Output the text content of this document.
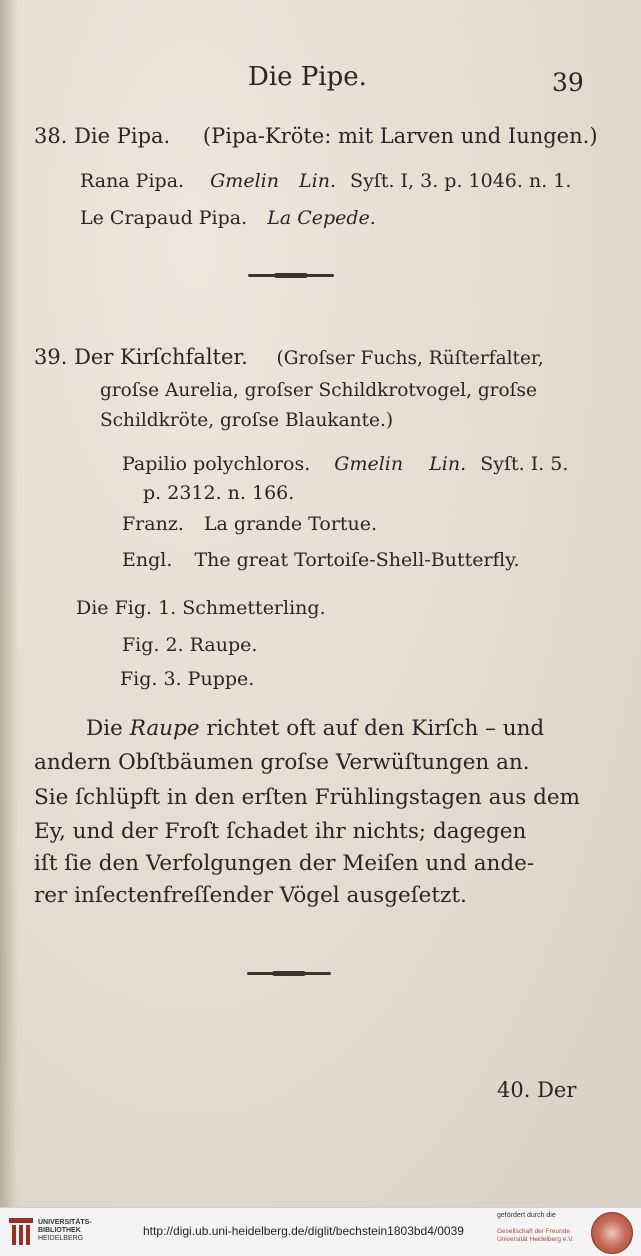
Die Pipe.	39
38. Die Pipa. (Pipa-Kröte: mit Larven und Iungen.)
Rana Pipa. Gmelin Lin. Syſt. I, 3. p. 1046. n. 1.
Le Crapaud Pipa. La Cepede.
39. Der Kirſchfalter. (Groſser Fuchs, Rüſterfalter,
groſse Aurelia, groſser Schildkrotvogel, groſse
Schildkröte, groſse Blaukante.)
Papilio polychloros. Gmelin Lin. Syſt. I. 5.
p. 2312. n. 166.
Franz. La grande Tortue.
Engl. The great Tortoiſe-Shell-Butterfly.
Die Fig. 1. Schmetterling.
Fig. 2. Raupe.
Fig. 3. Puppe.
Die Raupe richtet oft auf den Kirſch – und
andern Obſtbäumen groſse Verwüſtungen an.
Sie ſchlüpft in den erſten Frühlingstagen aus dem
Ey, und der Froſt ſchadet ihr nichts; dagegen
iſt ſie den Verfolgungen der Meiſen und ande-
rer inſectenfreſſender Vögel ausgeſetzt.
40. Der
UNIVERSITÄTS-
BIBLIOTHEK
HEIDELBERG
http://digi.ub.uni-heidelberg.de/diglit/bechstein1803bd4/0039
gefördert durch die
Gesellschaft der Freunde
Universität Heidelberg e.V.
